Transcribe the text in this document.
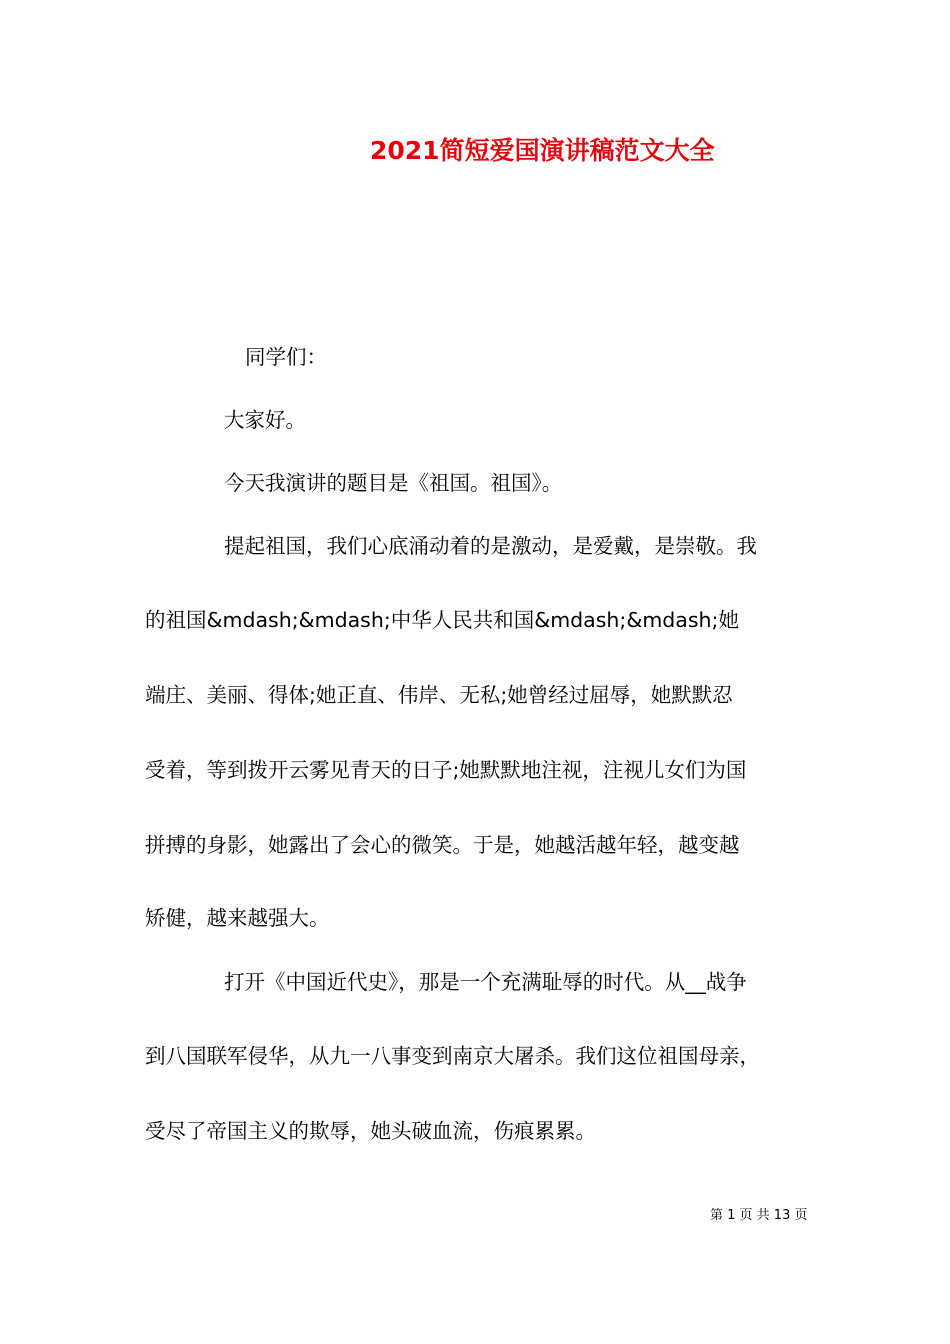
2021简短爱国演讲稿范文大全
同学们：
大家好。
今天我演讲的题目是《祖国。祖国》。
提起祖国，我们心底涌动着的是激动，是爱戴，是崇敬。我
的祖国&mdash;&mdash;中华人民共和国&mdash;&mdash;她
端庄、美丽、得体;她正直、伟岸、无私;她曾经过屈辱，她默默忍
受着，等到拨开云雾见青天的日子;她默默地注视，注视儿女们为国
拼搏的身影，她露出了会心的微笑。于是，她越活越年轻，越变越
矫健，越来越强大。
打开《中国近代史》，那是一个充满耻辱的时代。从__战争
到八国联军侵华，从九一八事变到南京大屠杀。我们这位祖国母亲，
受尽了帝国主义的欺辱，她头破血流，伤痕累累。
第 1 页 共 13 页
